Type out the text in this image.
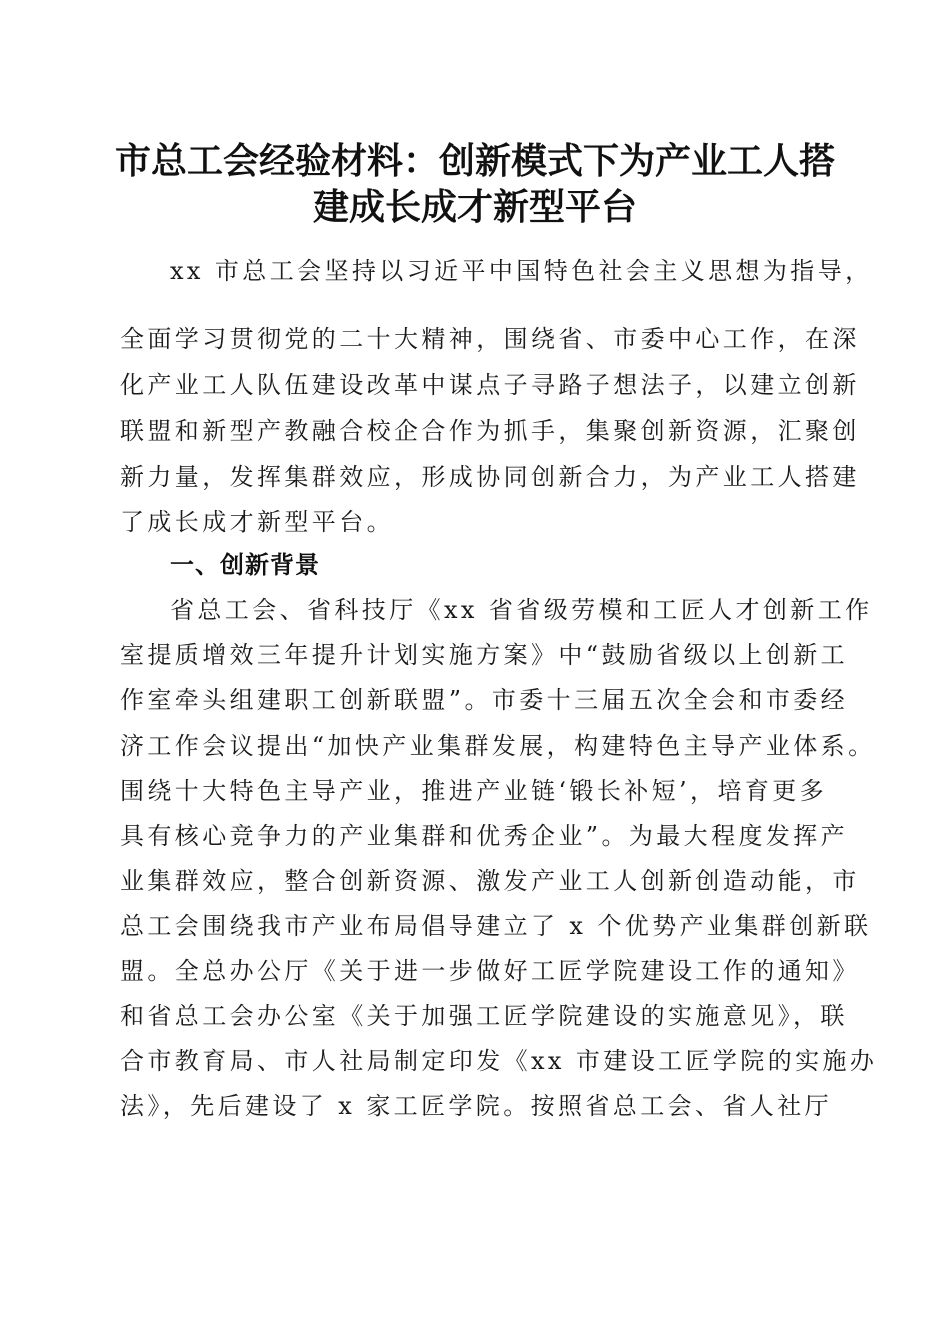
市总工会经验材料：创新模式下为产业工人搭
建成长成才新型平台
xx 市总工会坚持以习近平中国特色社会主义思想为指导，
全面学习贯彻党的二十大精神，围绕省、市委中心工作，在深
化产业工人队伍建设改革中谋点子寻路子想法子，以建立创新
联盟和新型产教融合校企合作为抓手，集聚创新资源，汇聚创
新力量，发挥集群效应，形成协同创新合力，为产业工人搭建
了成长成才新型平台。
一、创新背景
省总工会、省科技厅《xx 省省级劳模和工匠人才创新工作
室提质增效三年提升计划实施方案》中“鼓励省级以上创新工
作室牵头组建职工创新联盟”。市委十三届五次全会和市委经
济工作会议提出“加快产业集群发展，构建特色主导产业体系。
围绕十大特色主导产业，推进产业链‘锻长补短’，培育更多
具有核心竞争力的产业集群和优秀企业”。为最大程度发挥产
业集群效应，整合创新资源、激发产业工人创新创造动能，市
总工会围绕我市产业布局倡导建立了 x 个优势产业集群创新联
盟。全总办公厅《关于进一步做好工匠学院建设工作的通知》
和省总工会办公室《关于加强工匠学院建设的实施意见》，联
合市教育局、市人社局制定印发《xx 市建设工匠学院的实施办
法》，先后建设了 x 家工匠学院。按照省总工会、省人社厅
